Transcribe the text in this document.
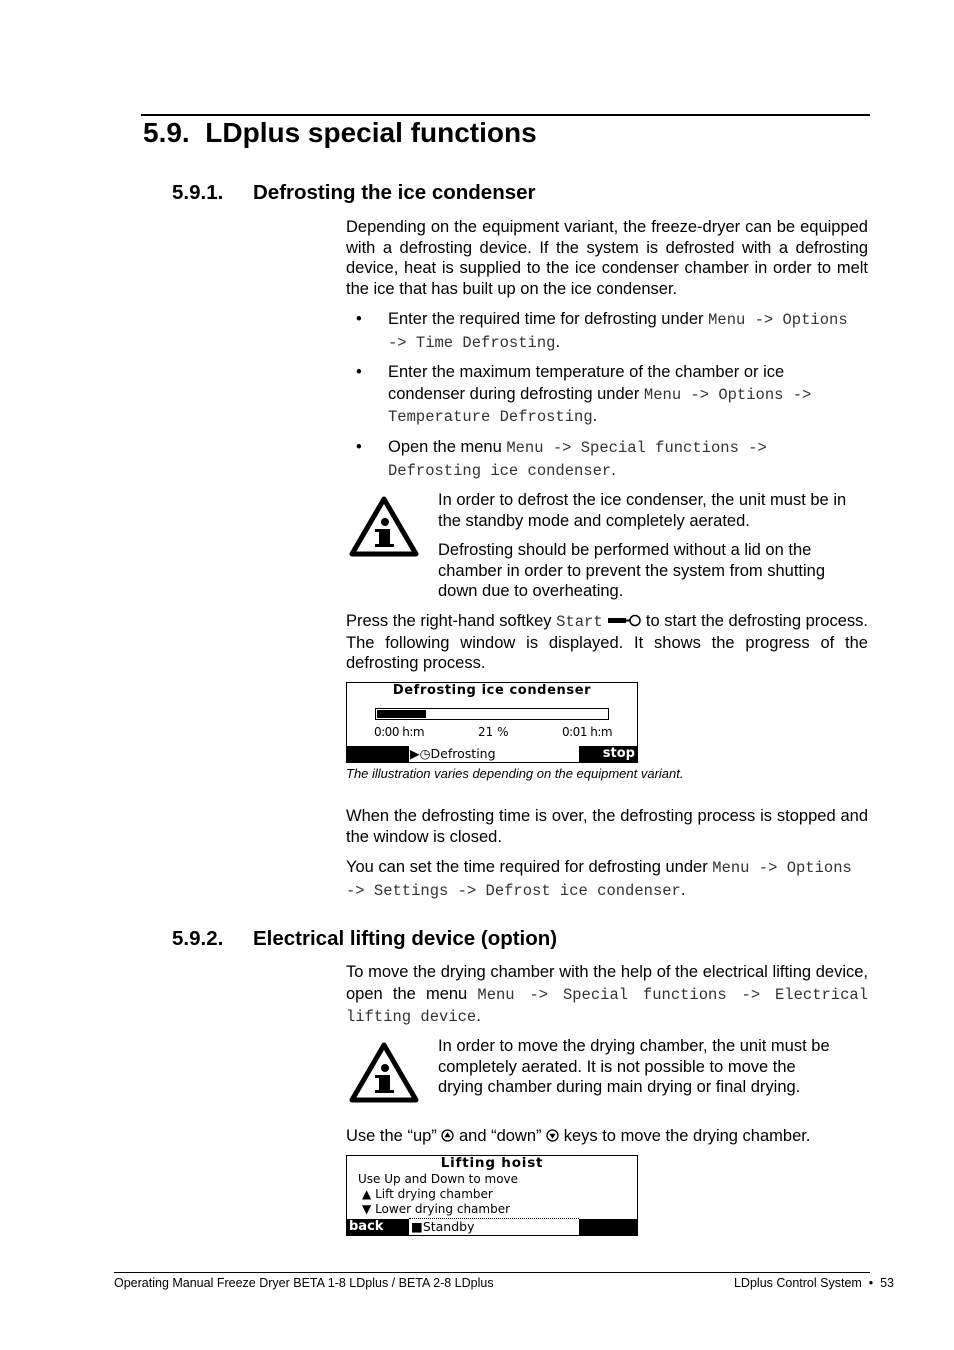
5.9. LDplus special functions
5.9.1. Defrosting the ice condenser
Depending on the equipment variant, the freeze-dryer can be equipped with a defrosting device. If the system is defrosted with a defrosting device, heat is supplied to the ice condenser chamber in order to melt the ice that has built up on the ice condenser.
• Enter the required time for defrosting under Menu -> Options -> Time Defrosting.
• Enter the maximum temperature of the chamber or ice condenser during defrosting under Menu -> Options -> Temperature Defrosting.
• Open the menu Menu -> Special functions -> Defrosting ice condenser.
In order to defrost the ice condenser, the unit must be in the standby mode and completely aerated.
Defrosting should be performed without a lid on the chamber in order to prevent the system from shutting down due to overheating.
Press the right-hand softkey Start  to start the defrosting process. The following window is displayed. It shows the progress of the defrosting process.
Defrosting ice condenser
0:00 h:m	21 %	0:01 h:m
▶◷Defrosting	stop
The illustration varies depending on the equipment variant.
When the defrosting time is over, the defrosting process is stopped and the window is closed.
You can set the time required for defrosting under Menu -> Options -> Settings -> Defrost ice condenser.
5.9.2. Electrical lifting device (option)
To move the drying chamber with the help of the electrical lifting device, open the menu Menu -> Special functions -> Electrical lifting device.
In order to move the drying chamber, the unit must be completely aerated. It is not possible to move the drying chamber during main drying or final drying.
Use the “up”  and “down”  keys to move the drying chamber.
Lifting hoist
Use Up and Down to move
▲ Lift drying chamber
▼ Lower drying chamber
back	■Standby
Operating Manual Freeze Dryer BETA 1-8 LDplus / BETA 2-8 LDplus	LDplus Control System  •  53
